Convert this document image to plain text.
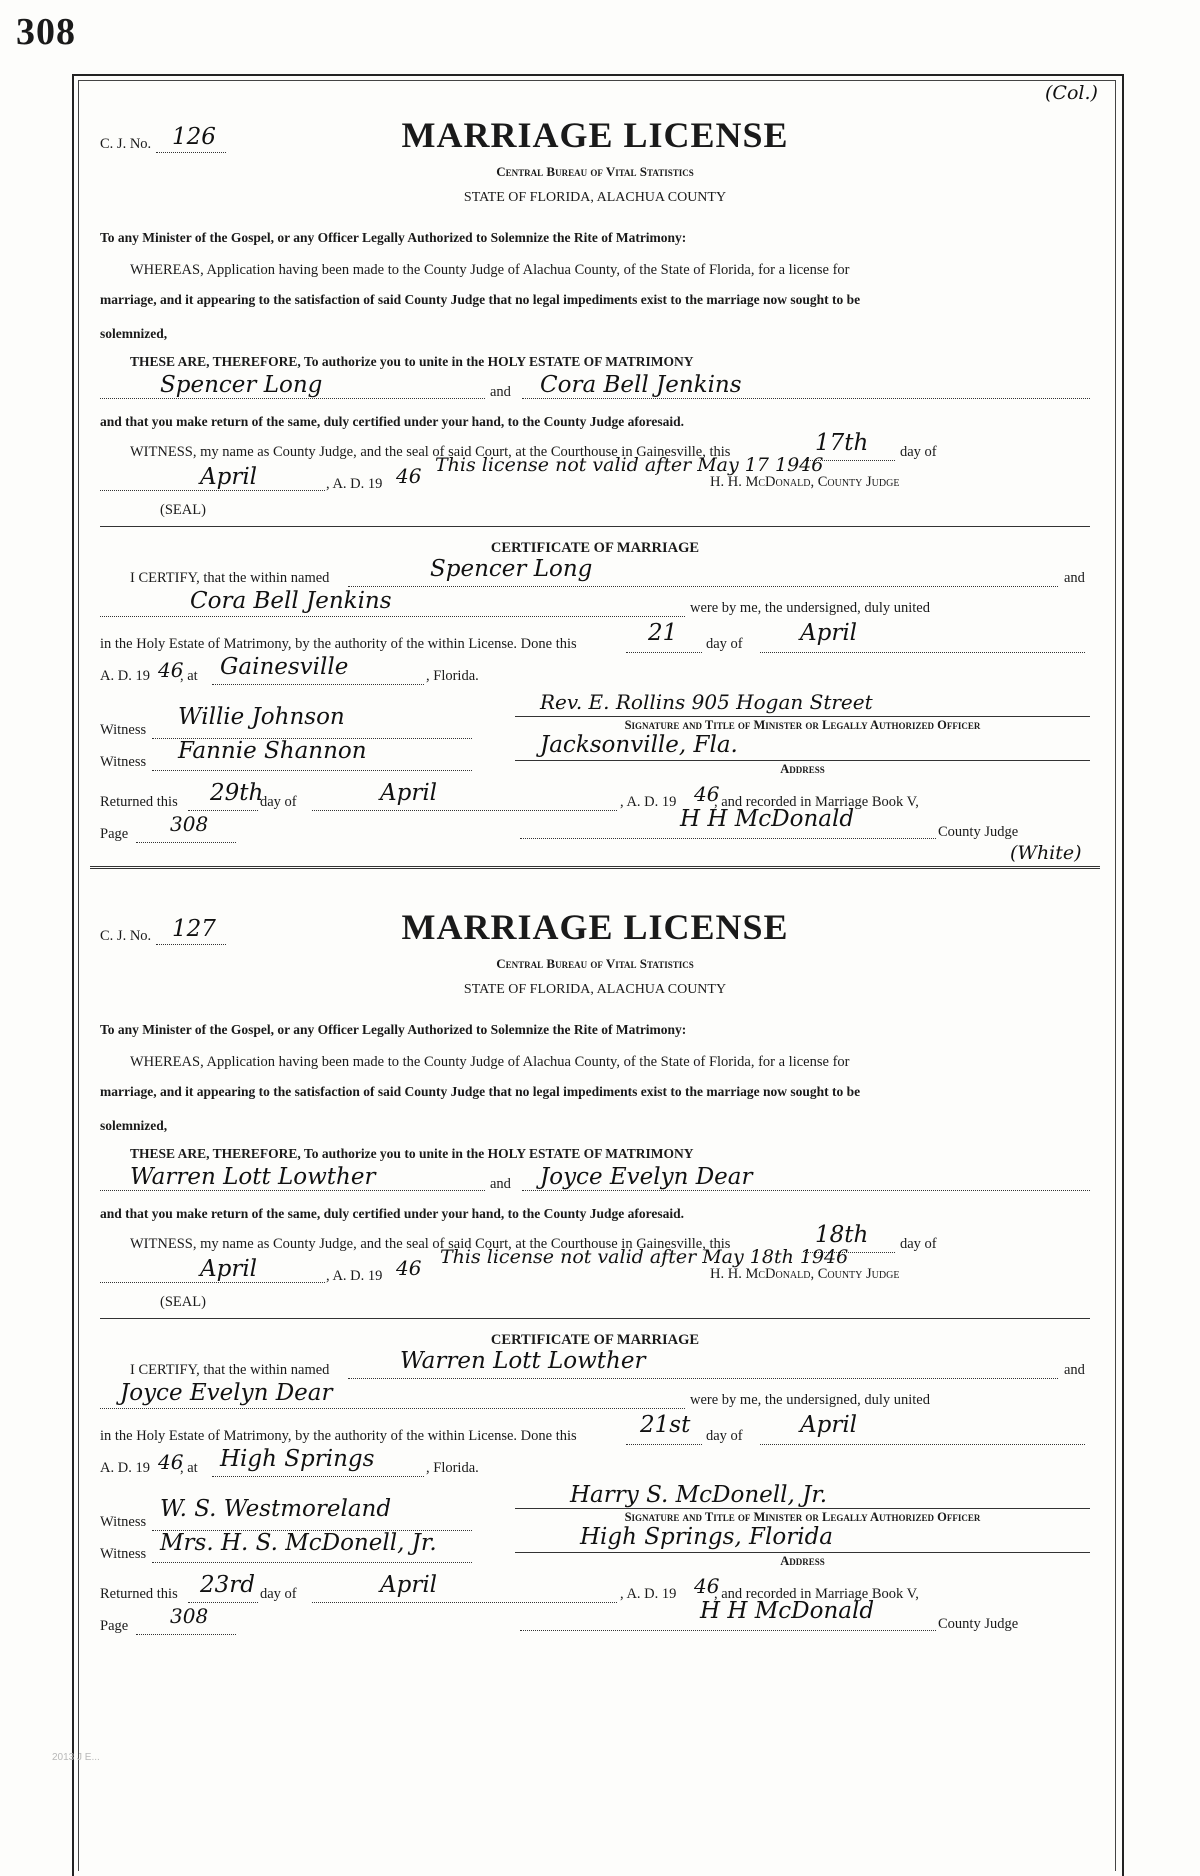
308
(Col.)
C. J. No. 126	MARRIAGE LICENSE
Central Bureau of Vital Statistics
STATE OF FLORIDA, ALACHUA COUNTY
To any Minister of the Gospel, or any Officer Legally Authorized to Solemnize the Rite of Matrimony:
WHEREAS, Application having been made to the County Judge of Alachua County, of the State of Florida, for a license for
marriage, and it appearing to the satisfaction of said County Judge that no legal impediments exist to the marriage now sought to be
solemnized,
THESE ARE, THEREFORE, To authorize you to unite in the HOLY ESTATE OF MATRIMONY
Spencer Long	and	Cora Bell Jenkins
and that you make return of the same, duly certified under your hand, to the County Judge aforesaid.
WITNESS, my name as County Judge, and the seal of said Court, at the Courthouse in Gainesville, this	17th day of
This license not valid after May 17 1946
April	, A. D. 19 46	H. H. McDonald, County Judge
(SEAL)
CERTIFICATE OF MARRIAGE
I CERTIFY, that the within named	Spencer Long	and
Cora Bell Jenkins	were by me, the undersigned, duly united
in the Holy Estate of Matrimony, by the authority of the within License. Done this	21 day of	April
A. D. 19 46
, at Gainesville	, Florida.
Rev. E. Rollins 905 Hogan Street
Signature and Title of Minister or Legally Authorized Officer
Witness	Willie Johnson
Jacksonville, Fla.
Address
Witness	Fannie Shannon
Returned this	29th
day of	April	, A. D. 19 46
, and recorded in Marriage Book V,
Page	308	H H McDonald	County Judge
(White)
C. J. No. 127	MARRIAGE LICENSE
Central Bureau of Vital Statistics
STATE OF FLORIDA, ALACHUA COUNTY
To any Minister of the Gospel, or any Officer Legally Authorized to Solemnize the Rite of Matrimony:
WHEREAS, Application having been made to the County Judge of Alachua County, of the State of Florida, for a license for
marriage, and it appearing to the satisfaction of said County Judge that no legal impediments exist to the marriage now sought to be
solemnized,
THESE ARE, THEREFORE, To authorize you to unite in the HOLY ESTATE OF MATRIMONY
Warren Lott Lowther	and	Joyce Evelyn Dear
and that you make return of the same, duly certified under your hand, to the County Judge aforesaid.
WITNESS, my name as County Judge, and the seal of said Court, at the Courthouse in Gainesville, this	18th day of
This license not valid after May 18th 1946
April	, A. D. 19 46	H. H. McDonald, County Judge
(SEAL)
CERTIFICATE OF MARRIAGE
I CERTIFY, that the within named	Warren Lott Lowther	and
Joyce Evelyn Dear	were by me, the undersigned, duly united
in the Holy Estate of Matrimony, by the authority of the within License. Done this	21st day of	April
A. D. 19 46
, at High Springs	, Florida.
Harry S. McDonell, Jr.
Signature and Title of Minister or Legally Authorized Officer
Witness W. S. Westmoreland
High Springs, Florida
Address
Witness Mrs. H. S. McDonell, Jr.
Returned this 23rd day of	April	, A. D. 19 46
, and recorded in Marriage Book V,
Page	308	H H McDonald	County Judge
2013 J E...
